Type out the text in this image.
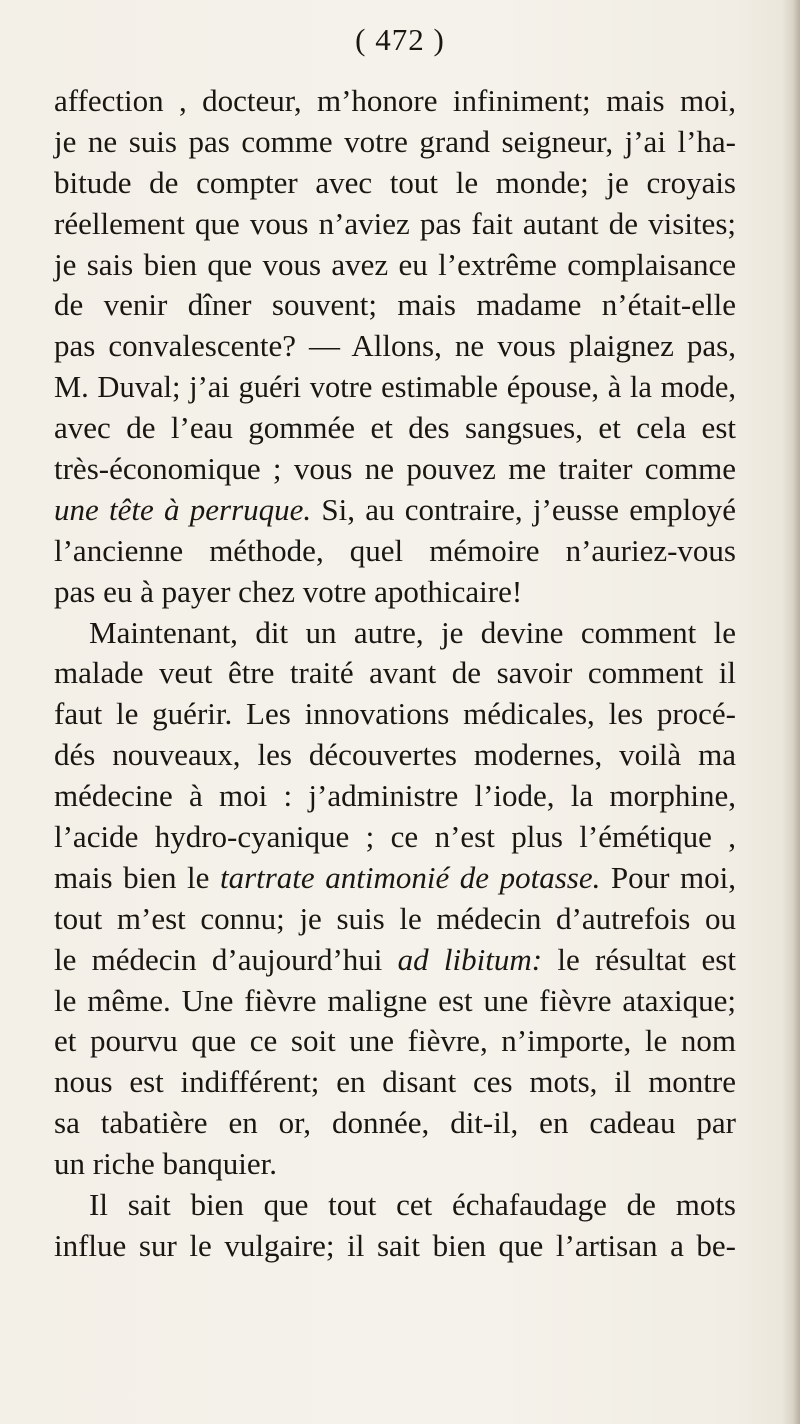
( 472 )
affection , docteur, m’honore infiniment; mais moi,
je ne suis pas comme votre grand seigneur, j’ai l’ha-
bitude de compter avec tout le monde; je croyais
réellement que vous n’aviez pas fait autant de visites;
je sais bien que vous avez eu l’extrême complaisance
de venir dîner souvent; mais madame n’était-elle
pas convalescente? — Allons, ne vous plaignez pas,
M. Duval; j’ai guéri votre estimable épouse, à la mode,
avec de l’eau gommée et des sangsues, et cela est
très-économique ; vous ne pouvez me traiter comme
une tête à perruque. Si, au contraire, j’eusse employé
l’ancienne méthode, quel mémoire n’auriez-vous
pas eu à payer chez votre apothicaire!
Maintenant, dit un autre, je devine comment le
malade veut être traité avant de savoir comment il
faut le guérir. Les innovations médicales, les procé-
dés nouveaux, les découvertes modernes, voilà ma
médecine à moi : j’administre l’iode, la morphine,
l’acide hydro-cyanique ; ce n’est plus l’émétique ,
mais bien le tartrate antimonié de potasse. Pour moi,
tout m’est connu; je suis le médecin d’autrefois ou
le médecin d’aujourd’hui ad libitum: le résultat est
le même. Une fièvre maligne est une fièvre ataxique;
et pourvu que ce soit une fièvre, n’importe, le nom
nous est indifférent; en disant ces mots, il montre
sa tabatière en or, donnée, dit-il, en cadeau par
un riche banquier.
Il sait bien que tout cet échafaudage de mots
influe sur le vulgaire; il sait bien que l’artisan a be-
